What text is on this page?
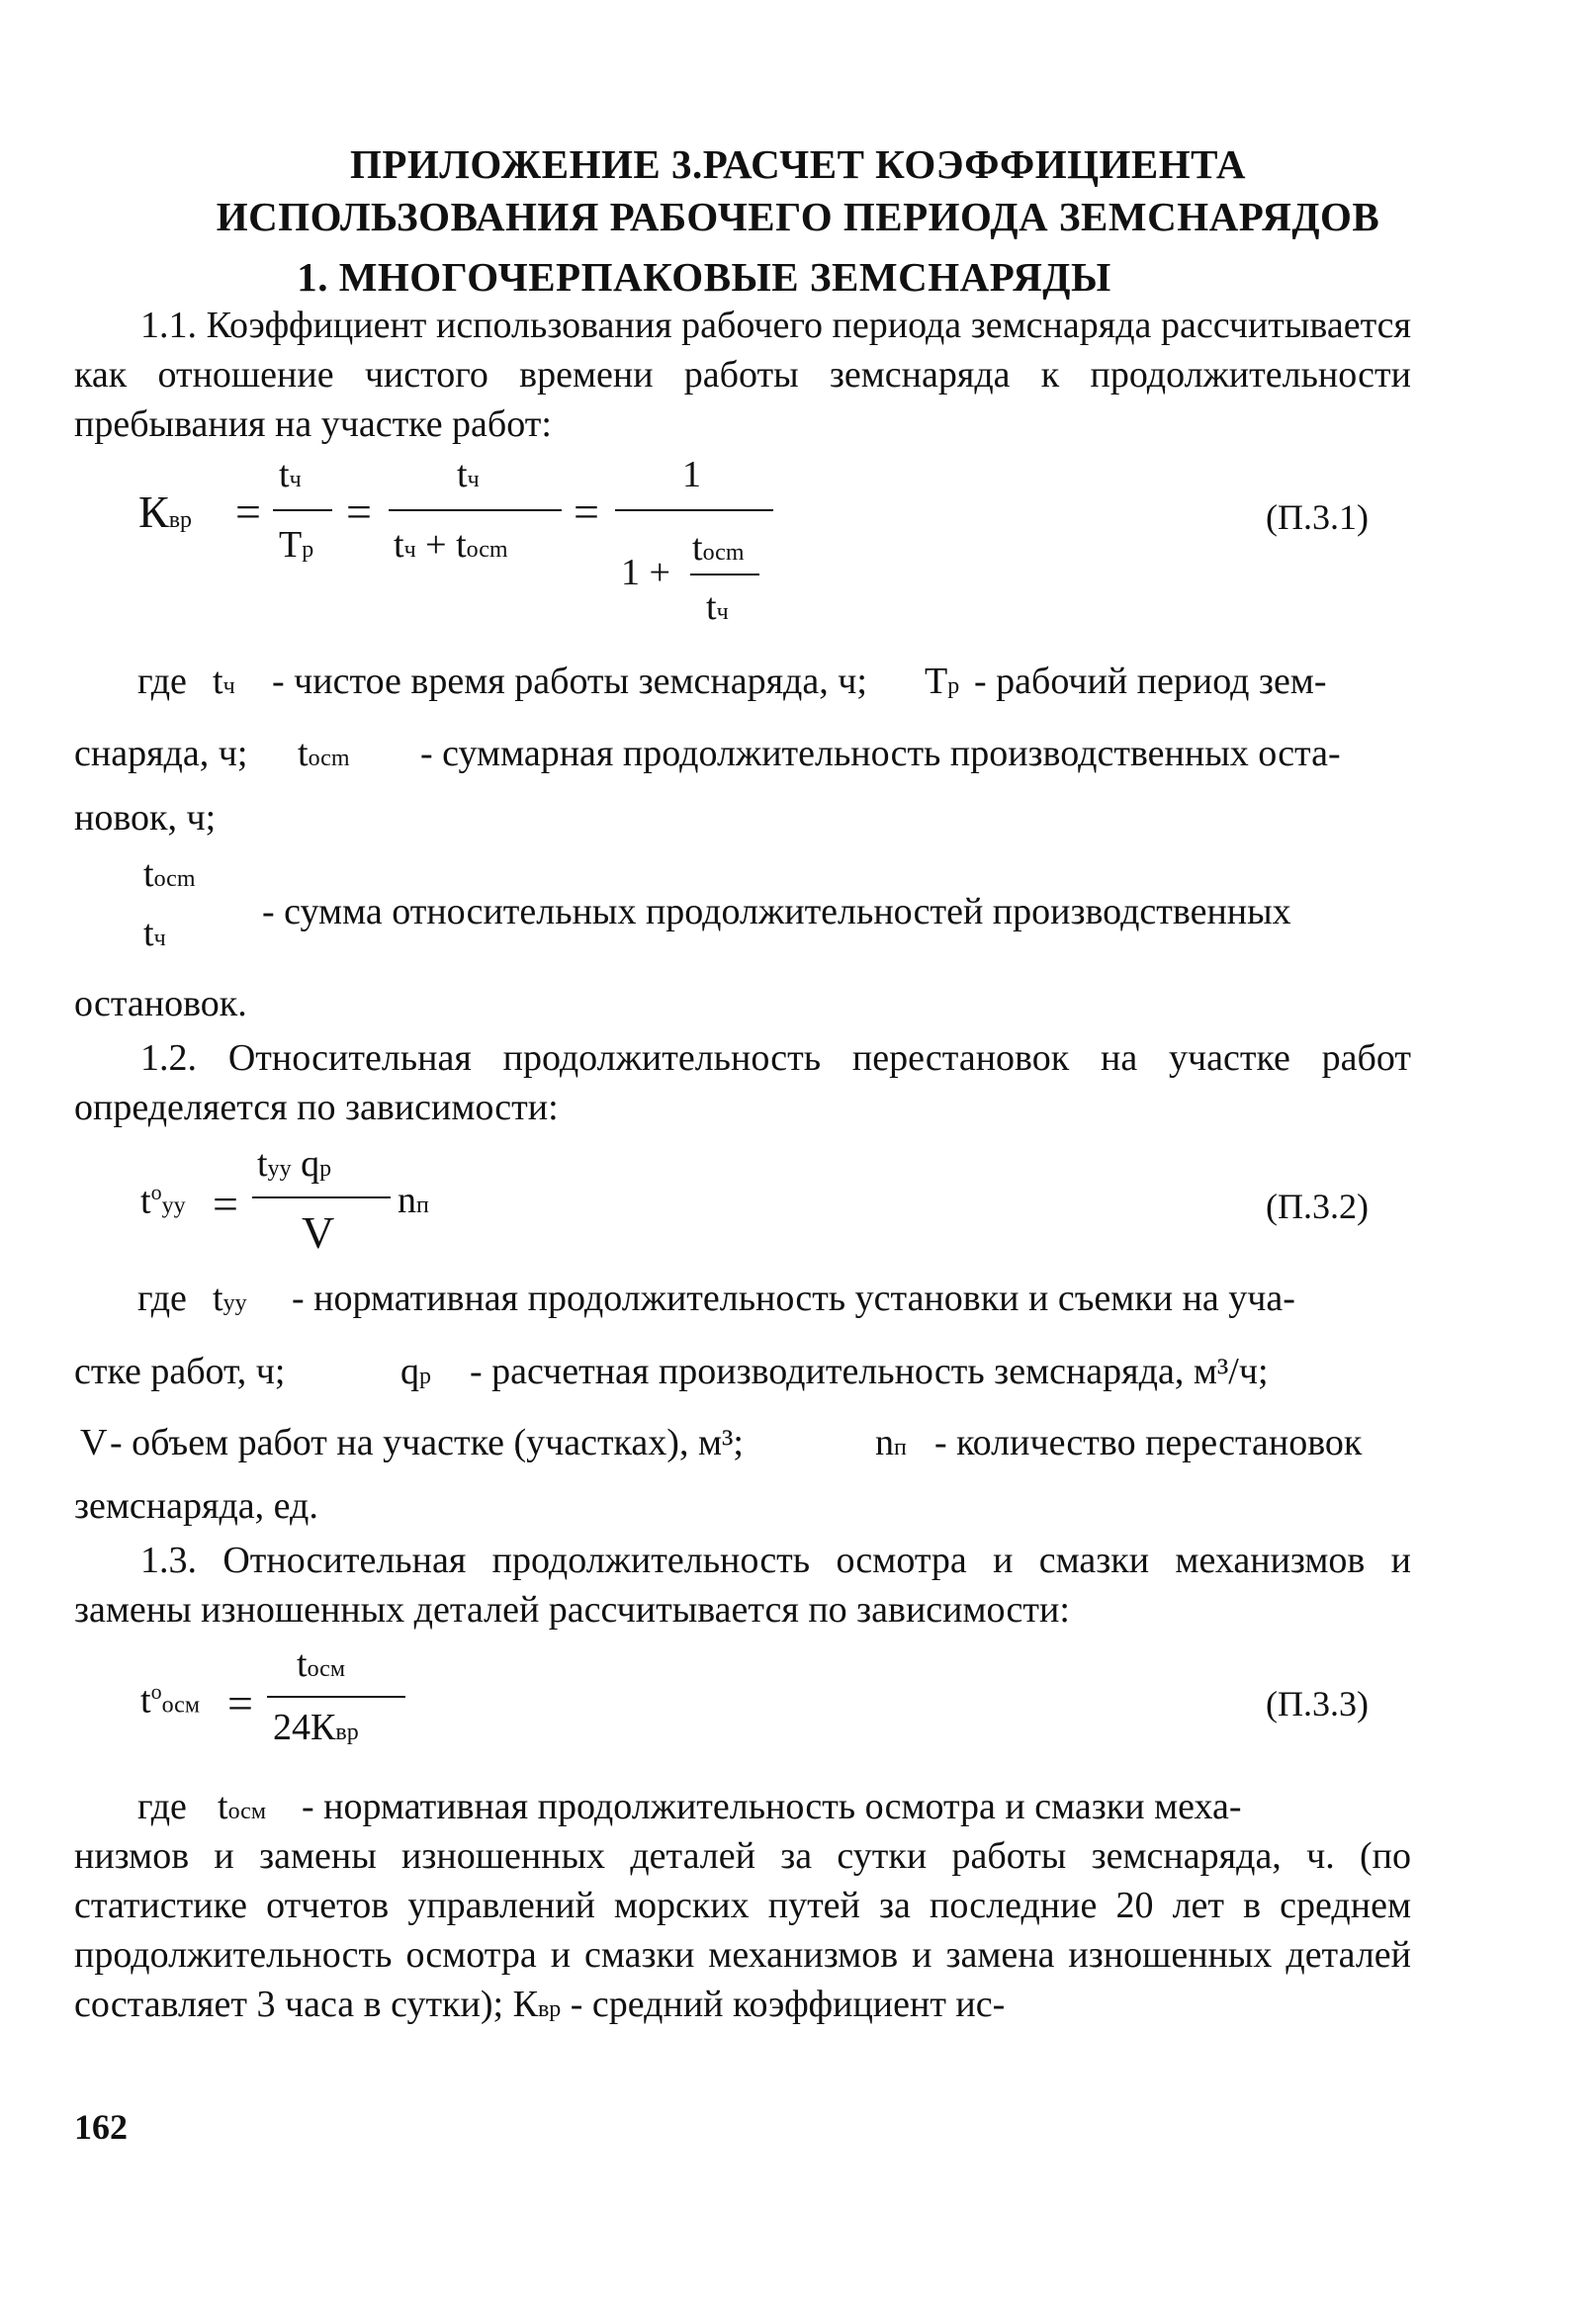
ПРИЛОЖЕНИЕ 3.РАСЧЕТ КОЭФФИЦИЕНТА
ИСПОЛЬЗОВАНИЯ РАБОЧЕГО ПЕРИОДА ЗЕМСНАРЯДОВ
1. МНОГОЧЕРПАКОВЫЕ ЗЕМСНАРЯДЫ

1.1. Коэффициент использования рабочего периода земснаряда рассчитывается как отношение чистого времени работы земснаряда к продолжительности пребывания на участке работ:

Квр =
tч
Tр
=
tч
tч + tосm
=
1
1 +
tосm
tч
(П.3.1)
где tч - чистое время работы земснаряда, ч; Tр - рабочий период зем-
снаряда, ч; tосm - суммарная продолжительность производственных оста-
новок, ч;
tосm
tч
- сумма относительных продолжительностей производственных
остановок.

1.2. Относительная продолжительность перестановок на участке работ определяется по зависимости:

$t^oуу$ =
tуу qр
V
nп	(П.3.2)
где tуу - нормативная продолжительность установки и съемки на уча-
стке работ, ч;	qр - расчетная производительность земснаряда, м³/ч;
V - объем работ на участке (участках), м³;	nп - количество перестановок
земснаряда, ед.

1.3. Относительная продолжительность осмотра и смазки механизмов и замены изношенных деталей рассчитывается по зависимости:

$t^oосм$ =
tосм
24Квр
(П.3.3)
где tосм - нормативная продолжительность осмотра и смазки меха-

низмов и замены изношенных деталей за сутки работы земснаряда, ч. (по статистике отчетов управлений морских путей за последние 20 лет в среднем продолжительность осмотра и смазки механизмов и замена изношенных деталей составляет 3 часа в сутки); Квр - средний коэффициент ис-

162
